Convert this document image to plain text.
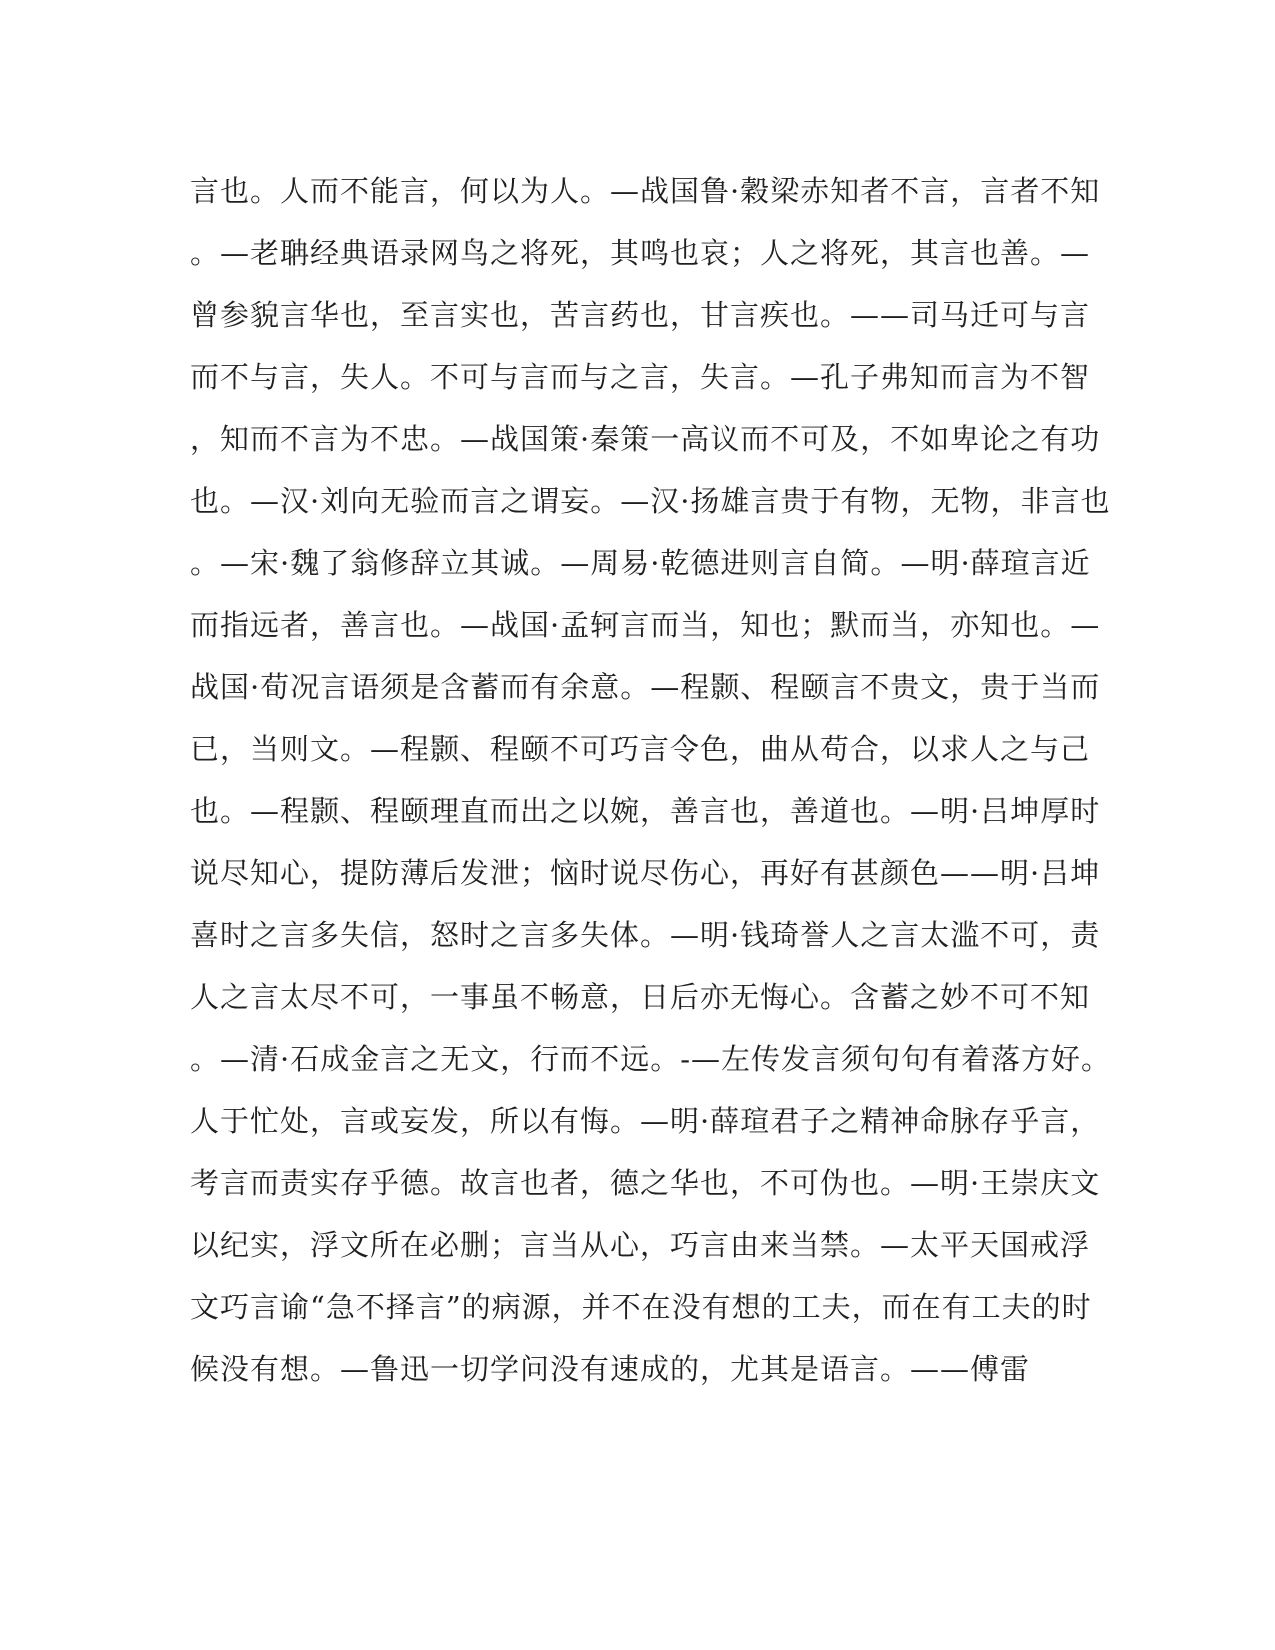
言也。人而不能言，何以为人。—战国鲁·穀梁赤知者不言，言者不知
。—老聃经典语录网鸟之将死，其鸣也哀；人之将死，其言也善。—
曾参貌言华也，至言实也，苦言药也，甘言疾也。——司马迁可与言
而不与言，失人。不可与言而与之言，失言。—孔子弗知而言为不智
，知而不言为不忠。—战国策·秦策一高议而不可及，不如卑论之有功
也。—汉·刘向无验而言之谓妄。—汉·扬雄言贵于有物，无物，非言也
。—宋·魏了翁修辞立其诚。—周易·乾德进则言自简。—明·薛瑄言近
而指远者，善言也。—战国·孟轲言而当，知也；默而当，亦知也。—
战国·荀况言语须是含蓄而有余意。—程颢、程颐言不贵文，贵于当而
已，当则文。—程颢、程颐不可巧言令色，曲从苟合，以求人之与己
也。—程颢、程颐理直而出之以婉，善言也，善道也。—明·吕坤厚时
说尽知心，提防薄后发泄；恼时说尽伤心，再好有甚颜色——明·吕坤
喜时之言多失信，怒时之言多失体。—明·钱琦誉人之言太滥不可，责
人之言太尽不可，一事虽不畅意，日后亦无悔心。含蓄之妙不可不知
。—清·石成金言之无文，行而不远。-—左传发言须句句有着落方好。
人于忙处，言或妄发，所以有悔。—明·薛瑄君子之精神命脉存乎言，
考言而责实存乎德。故言也者，德之华也，不可伪也。—明·王崇庆文
以纪实，浮文所在必删；言当从心，巧言由来当禁。—太平天国戒浮
文巧言谕“急不择言”的病源，并不在没有想的工夫，而在有工夫的时
候没有想。—鲁迅一切学问没有速成的，尤其是语言。——傅雷
